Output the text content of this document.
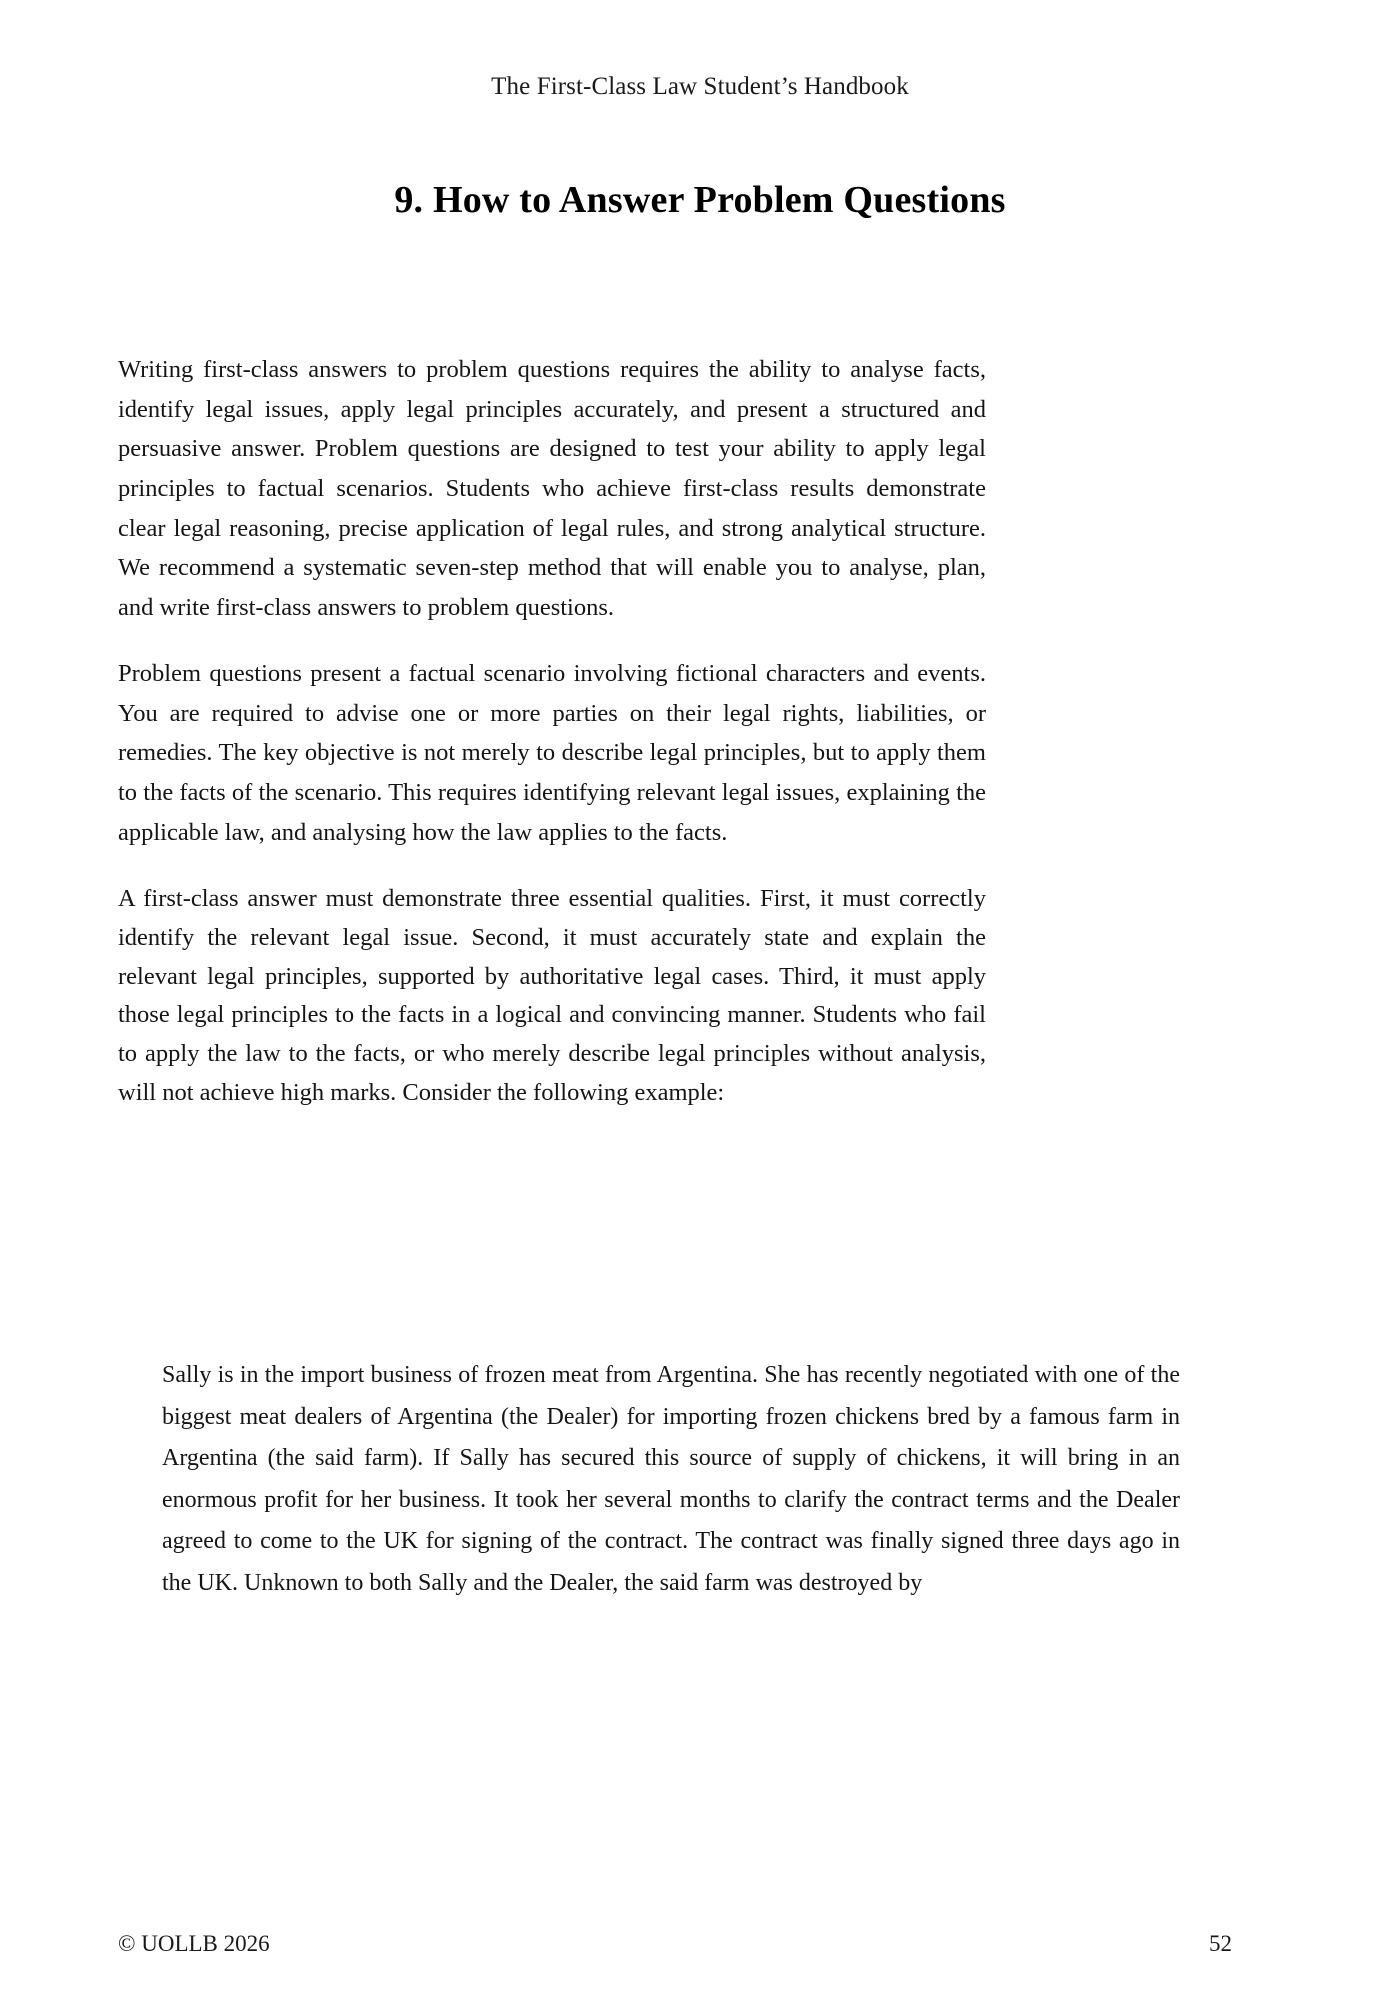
The First-Class Law Student’s Handbook
9. How to Answer Problem Questions

Writing first-class answers to problem questions requires the ability to analyse facts, identify legal issues, apply legal principles accurately, and present a structured and persuasive answer. Problem questions are designed to test your ability to apply legal principles to factual scenarios. Students who achieve first-class results demonstrate clear legal reasoning, precise application of legal rules, and strong analytical structure. We recommend a systematic seven-step method that will enable you to analyse, plan, and write first-class answers to problem questions.

Problem questions present a factual scenario involving fictional characters and events. You are required to advise one or more parties on their legal rights, liabilities, or remedies. The key objective is not merely to describe legal principles, but to apply them to the facts of the scenario. This requires identifying relevant legal issues, explaining the applicable law, and analysing how the law applies to the facts.

A first-class answer must demonstrate three essential qualities. First, it must correctly identify the relevant legal issue. Second, it must accurately state and explain the relevant legal principles, supported by authoritative legal cases. Third, it must apply those legal principles to the facts in a logical and convincing manner. Students who fail to apply the law to the facts, or who merely describe legal principles without analysis, will not achieve high marks. Consider the following example:

Sally is in the import business of frozen meat from Argentina. She has recently negotiated with one of the biggest meat dealers of Argentina (the Dealer) for importing frozen chickens bred by a famous farm in Argentina (the said farm). If Sally has secured this source of supply of chickens, it will bring in an enormous profit for her business. It took her several months to clarify the contract terms and the Dealer agreed to come to the UK for signing of the contract. The contract was finally signed three days ago in the UK. Unknown to both Sally and the Dealer, the said farm was destroyed by

© UOLLB 2026	52
